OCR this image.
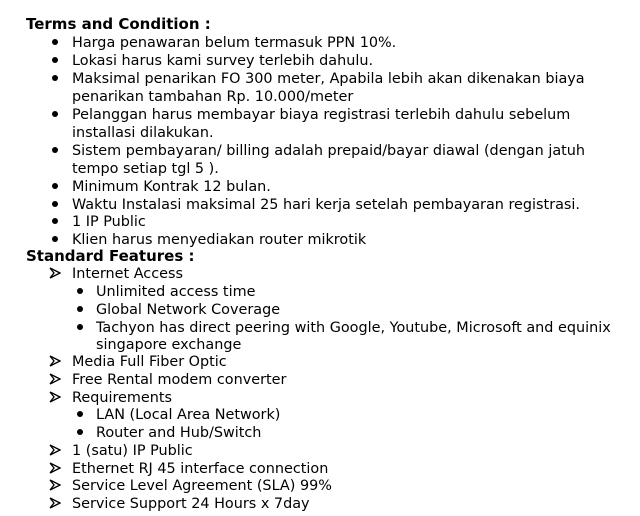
Terms and Condition :
Harga penawaran belum termasuk PPN 10%.
Lokasi harus kami survey terlebih dahulu.
Maksimal penarikan FO 300 meter, Apabila lebih akan dikenakan biaya
penarikan tambahan Rp. 10.000/meter
Pelanggan harus membayar biaya registrasi terlebih dahulu sebelum
installasi dilakukan.
Sistem pembayaran/ billing adalah prepaid/bayar diawal (dengan jatuh
tempo setiap tgl 5 ).
Minimum Kontrak 12 bulan.
Waktu Instalasi maksimal 25 hari kerja setelah pembayaran registrasi.
1 IP Public
Klien harus menyediakan router mikrotik
Standard Features :
Internet Access
Unlimited access time
Global Network Coverage
Tachyon has direct peering with Google, Youtube, Microsoft and equinix
singapore exchange
Media Full Fiber Optic
Free Rental modem converter
Requirements
LAN (Local Area Network)
Router and Hub/Switch
1 (satu) IP Public
Ethernet RJ 45 interface connection
Service Level Agreement (SLA) 99%
Service Support 24 Hours x 7day
